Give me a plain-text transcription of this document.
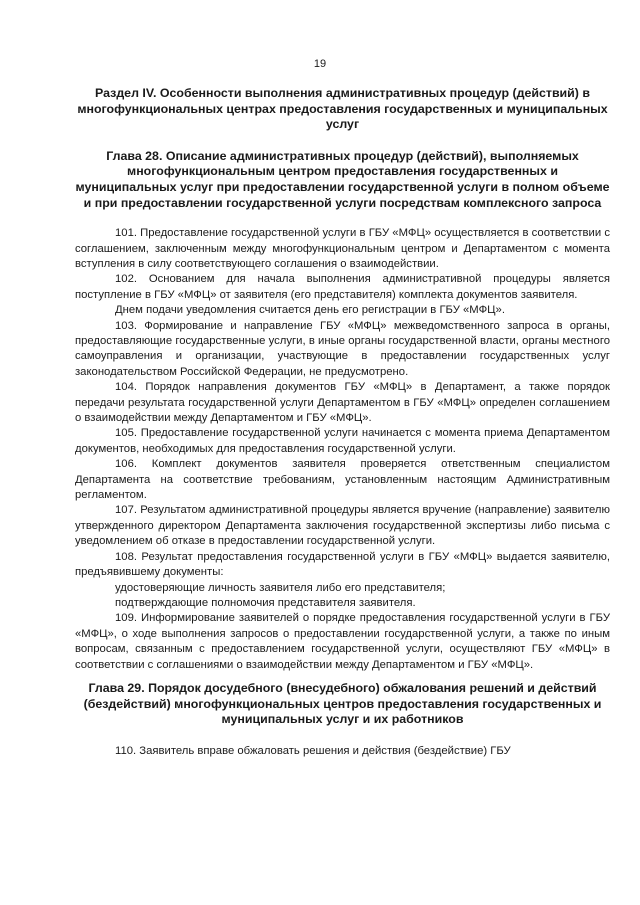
19

Раздел IV. Особенности выполнения административных процедур (действий) в многофункциональных центрах предоставления государственных и муниципальных услуг

Глава 28. Описание административных процедур (действий), выполняемых многофункциональным центром предоставления государственных и муниципальных услуг при предоставлении государственной услуги в полном объеме и при предоставлении государственной услуги посредствам комплексного запроса

101. Предоставление государственной услуги в ГБУ «МФЦ» осуществляется в соответствии с соглашением, заключенным между многофункциональным центром и Департаментом с момента вступления в силу соответствующего соглашения о взаимодействии.

102. Основанием для начала выполнения административной процедуры является поступление в ГБУ «МФЦ» от заявителя (его представителя) комплекта документов заявителя.

Днем подачи уведомления считается день его регистрации в ГБУ «МФЦ».

103. Формирование и направление ГБУ «МФЦ» межведомственного запроса в органы, предоставляющие государственные услуги, в иные органы государственной власти, органы местного самоуправления и организации, участвующие в предоставлении государственных услуг законодательством Российской Федерации, не предусмотрено.

104. Порядок направления документов ГБУ «МФЦ» в Департамент, а также порядок передачи результата государственной услуги Департаментом в ГБУ «МФЦ» определен соглашением о взаимодействии между Департаментом и ГБУ «МФЦ».

105. Предоставление государственной услуги начинается с момента приема Департаментом документов, необходимых для предоставления государственной услуги.

106. Комплект документов заявителя проверяется ответственным специалистом Департамента на соответствие требованиям, установленным настоящим Административным регламентом.

107. Результатом административной процедуры является вручение (направление) заявителю утвержденного директором Департамента заключения государственной экспертизы либо письма с уведомлением об отказе в предоставлении государственной услуги.

108. Результат предоставления государственной услуги в ГБУ «МФЦ» выдается заявителю, предъявившему документы:

удостоверяющие личность заявителя либо его представителя;

подтверждающие полномочия представителя заявителя.

109. Информирование заявителей о порядке предоставления государственной услуги в ГБУ «МФЦ», о ходе выполнения запросов о предоставлении государственной услуги, а также по иным вопросам, связанным с предоставлением государственной услуги, осуществляют ГБУ «МФЦ» в соответствии с соглашениями о взаимодействии между Департаментом и ГБУ «МФЦ».

Глава 29. Порядок досудебного (внесудебного) обжалования решений и действий (бездействий) многофункциональных центров предоставления государственных и муниципальных услуг и их работников

110. Заявитель вправе обжаловать решения и действия (бездействие) ГБУ
